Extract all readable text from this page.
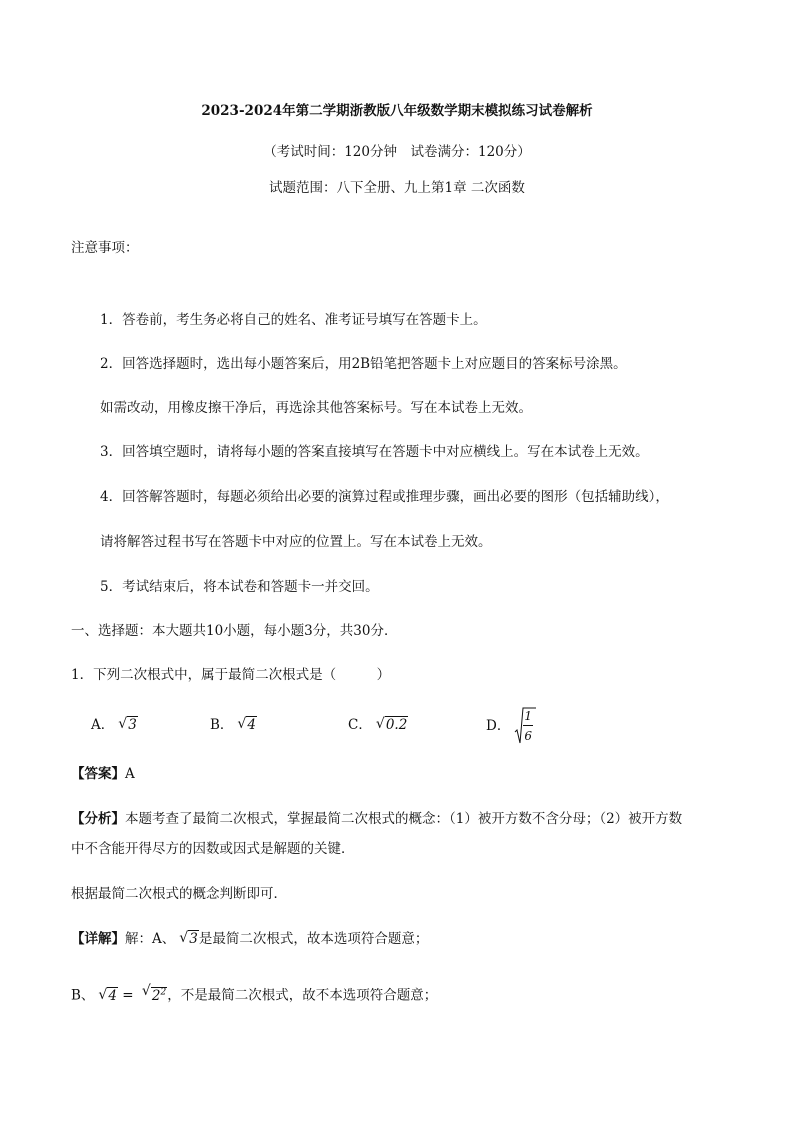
2023-2024年第二学期浙教版八年级数学期末模拟练习试卷解析
（考试时间：120分钟　试卷满分：120分）
试题范围：八下全册、九上第1章 二次函数
注意事项：
1．答卷前，考生务必将自己的姓名、准考证号填写在答题卡上。
2．回答选择题时，选出每小题答案后，用2B铅笔把答题卡上对应题目的答案标号涂黑。
如需改动，用橡皮擦干净后，再选涂其他答案标号。写在本试卷上无效。
3．回答填空题时，请将每小题的答案直接填写在答题卡中对应横线上。写在本试卷上无效。
4．回答解答题时，每题必须给出必要的演算过程或推理步骤，画出必要的图形（包括辅助线），
请将解答过程书写在答题卡中对应的位置上。写在本试卷上无效。
5．考试结束后，将本试卷和答题卡一并交回。
一、选择题：本大题共10小题，每小题3分，共30分．
1．下列二次根式中，属于最简二次根式是（　　　）
A． √ 3	B． √ 4	C． √ 0.2	D． $\frac{1}{6}$
【答案】A
【分析】本题考查了最简二次根式，掌握最简二次根式的概念：（1）被开方数不含分母；（2）被开方数
中不含能开得尽方的因数或因式是解题的关键．
根据最简二次根式的概念判断即可．
【详解】解：A、 √ 3是最简二次根式，故本选项符合题意；
B、 √ 4 = √ $2^2$，不是最简二次根式，故不本选项符合题意；
